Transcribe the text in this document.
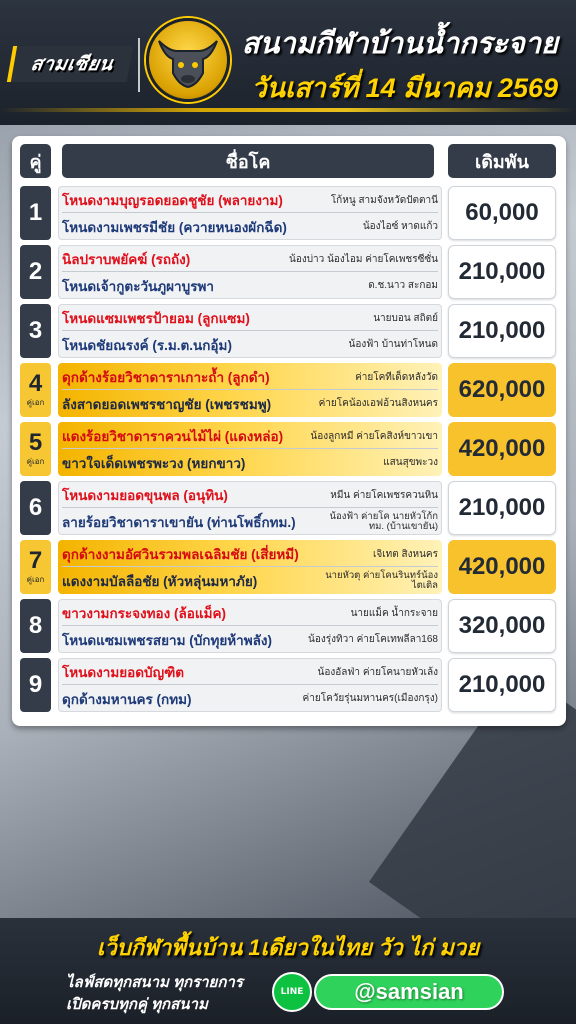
สามเซียน
สนามกีฬาบ้านน้ำกระจาย
วันเสาร์ที่ 14 มีนาคม 2569
คู่	ชื่อโค	เดิมพัน
1 โหนดงามบุญรอดยอดชูชัย (พลายงาม)	โก้หนู สามจังหวัดปัตตานี
โหนดงามเพชรมีชัย (ควายหนองผักฉีด)	น้องไอซ์ หาดแก้ว
60,000
2 นิลปราบพยัคฆ์ (รถถัง)	น้องบ่าว น้องไอม ค่ายโคเพชรซีซั่น
โหนดเจ้ากูตะวันภูผาบูรพา	ด.ช.นาว สะกอม
210,000
3 โหนดแซมเพชรป้ายอม (ลูกแซม)	นายบอน สถิตย์
โหนดชัยณรงค์ (ร.ม.ต.นกอุ้ม)	น้องฟ้า บ้านท่าโหนด
210,000
4
คู่เอก
ดุกด้างร้อยวิชาดาราเกาะถ้ำ (ลูกดำ)	ค่ายโคทีเด็ดหลังวัด
ลังสาดยอดเพชรชาญชัย (เพชรชมพู)	ค่ายโคน้องเอฟอ้วนสิงหนคร
620,000
5
คู่เอก
แดงร้อยวิชาดาราควนไม้ไผ่ (แดงหล่อ)	น้องลูกหมี ค่ายโคสิงห์ขาวเขา
ขาวใจเด็ดเพชรพะวง (หยกขาว)	แสนสุขพะวง
420,000
6 โหนดงามยอดขุนพล (อนุทิน)	หมีน ค่ายโคเพชรควนหิน
ลายร้อยวิชาดาราเขายัน (ท่านโพธิ์กทม.)	น้องฟ้า ค่ายโค นายหัวโก้กทม. (บ้านเขายัน)
210,000
7
คู่เอก
ดุกด้างงามอัศวินรวมพลเฉลิมชัย (เสี่ยหมี)	เจิเทต สิงหนคร
แดงงามบัลลือชัย (หัวหลุ่นมหาภัย)	นายหัวตุ ค่ายโคนรินทร์น้องไตเติล
420,000
8 ขาวงามกระจงทอง (ล้อแม็ค)	นายแม็ค น้ำกระจาย
โหนดแซมเพชรสยาม (บักทุยห้าพลัง)	น้องรุ่งทิวา ค่ายโคเทพลีลา168
320,000
9 โหนดงามยอดบัญฑิต	น้องอัลฟ่า ค่ายโคนายหัวเล้ง
ดุกด้างมหานคร (กทม)	ค่ายโควัยรุ่นมหานคร(เมืองกรุง)
210,000
เว็บกีฬาพื้นบ้าน 1เดียวในไทย วัว ไก่ มวย
ไลฟ์สดทุกสนาม ทุกรายการ
เปิดครบทุกคู่ ทุกสนาม
LINE	@samsian
